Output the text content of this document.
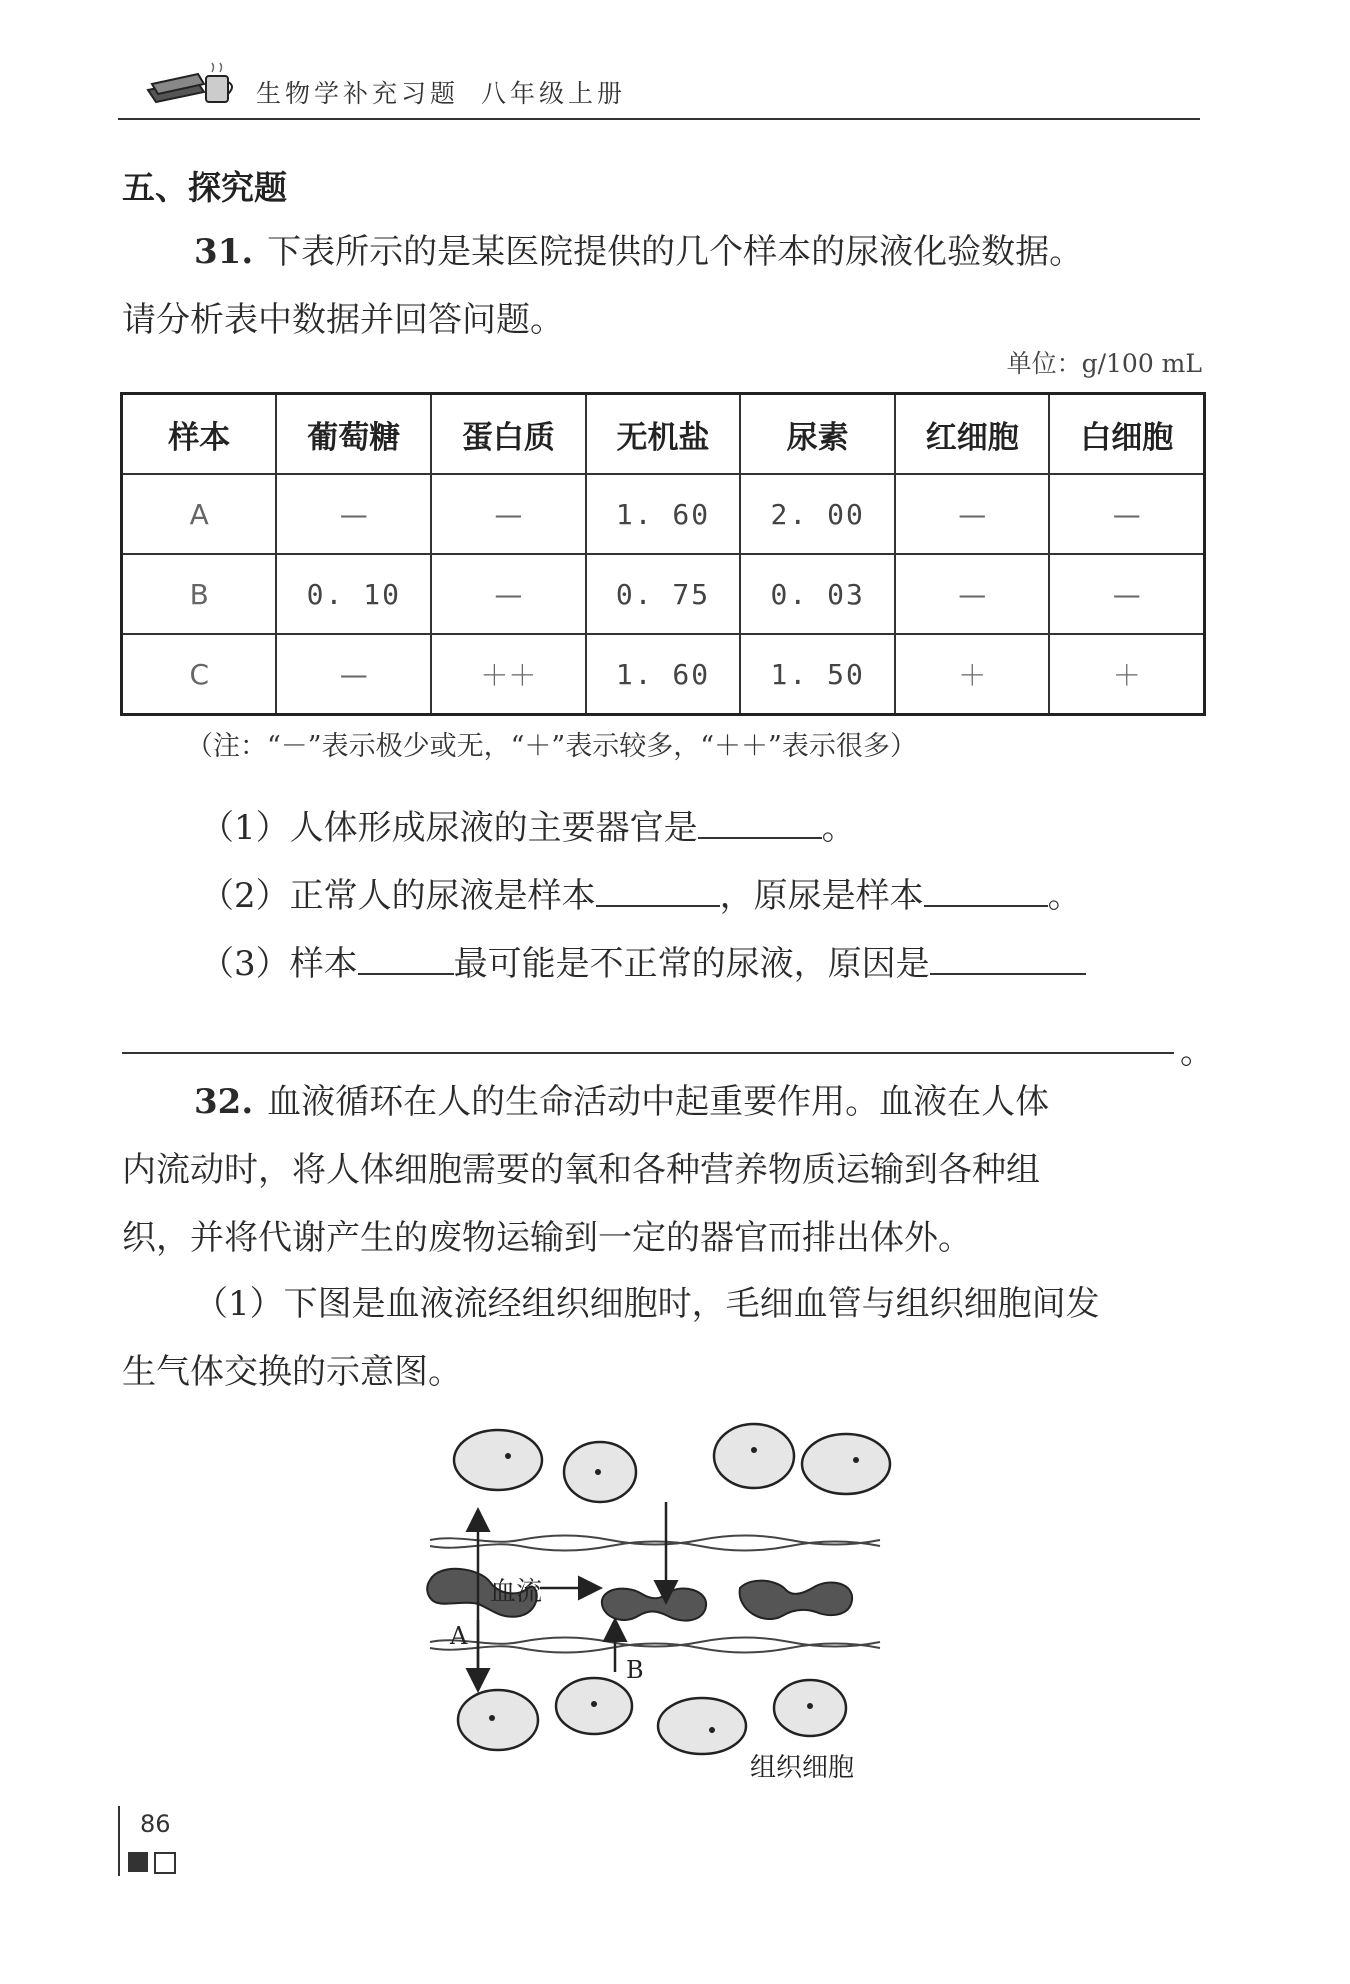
生物学补充习题 八年级上册
五、探究题
31. 下表所示的是某医院提供的几个样本的尿液化验数据。
请分析表中数据并回答问题。
单位：g/100 mL
样本	葡萄糖	蛋白质	无机盐	尿素	红细胞	白细胞
A	—	—	1. 60	2. 00	—	—
B	0. 10	—	0. 75	0. 03	—	—
C	—	＋＋	1. 60	1. 50	＋	＋
（注：“－”表示极少或无，“＋”表示较多，“＋＋”表示很多）
（1）人体形成尿液的主要器官是	。
（2）正常人的尿液是样本	，原尿是样本	。
（3）样本	最可能是不正常的尿液，原因是
。
32. 血液循环在人的生命活动中起重要作用。血液在人体
内流动时，将人体细胞需要的氧和各种营养物质运输到各种组
织，并将代谢产生的废物运输到一定的器官而排出体外。
（1）下图是血液流经组织细胞时，毛细血管与组织细胞间发
生气体交换的示意图。
血流
A
B
组织细胞
86
